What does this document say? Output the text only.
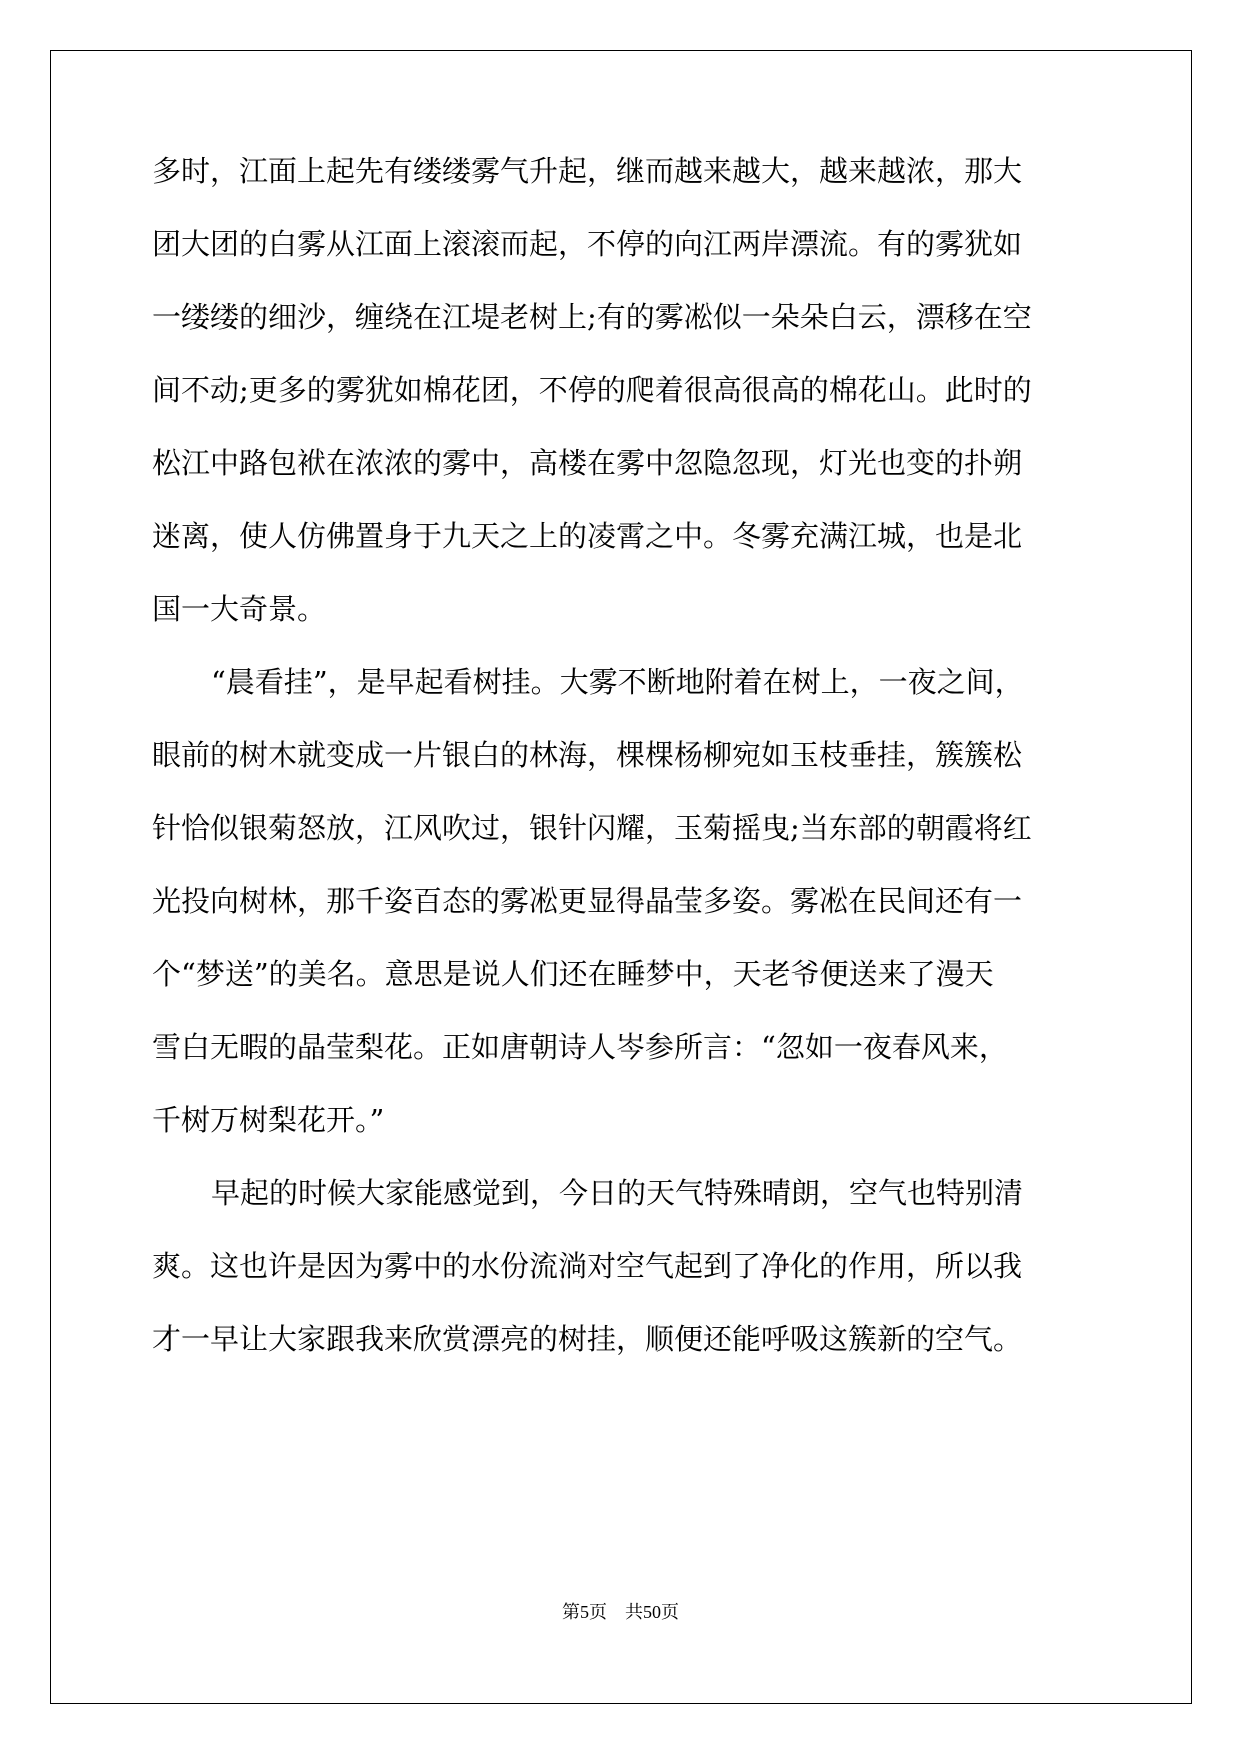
多时，江面上起先有缕缕雾气升起，继而越来越大，越来越浓，那大
团大团的白雾从江面上滚滚而起，不停的向江两岸漂流。有的雾犹如
一缕缕的细沙，缠绕在江堤老树上;有的雾凇似一朵朵白云，漂移在空
间不动;更多的雾犹如棉花团，不停的爬着很高很高的棉花山。此时的
松江中路包袱在浓浓的雾中，高楼在雾中忽隐忽现，灯光也变的扑朔
迷离，使人仿佛置身于九天之上的凌霄之中。冬雾充满江城，也是北
国一大奇景。
“晨看挂”，是早起看树挂。大雾不断地附着在树上，一夜之间，
眼前的树木就变成一片银白的林海，棵棵杨柳宛如玉枝垂挂，簇簇松
针恰似银菊怒放，江风吹过，银针闪耀，玉菊摇曳;当东部的朝霞将红
光投向树林，那千姿百态的雾凇更显得晶莹多姿。雾凇在民间还有一
个“梦送”的美名。意思是说人们还在睡梦中，天老爷便送来了漫天
雪白无暇的晶莹梨花。正如唐朝诗人岑参所言：“忽如一夜春风来，
千树万树梨花开。”
早起的时候大家能感觉到，今日的天气特殊晴朗，空气也特别清
爽。这也许是因为雾中的水份流淌对空气起到了净化的作用，所以我
才一早让大家跟我来欣赏漂亮的树挂，顺便还能呼吸这簇新的空气。
第5页 共50页
